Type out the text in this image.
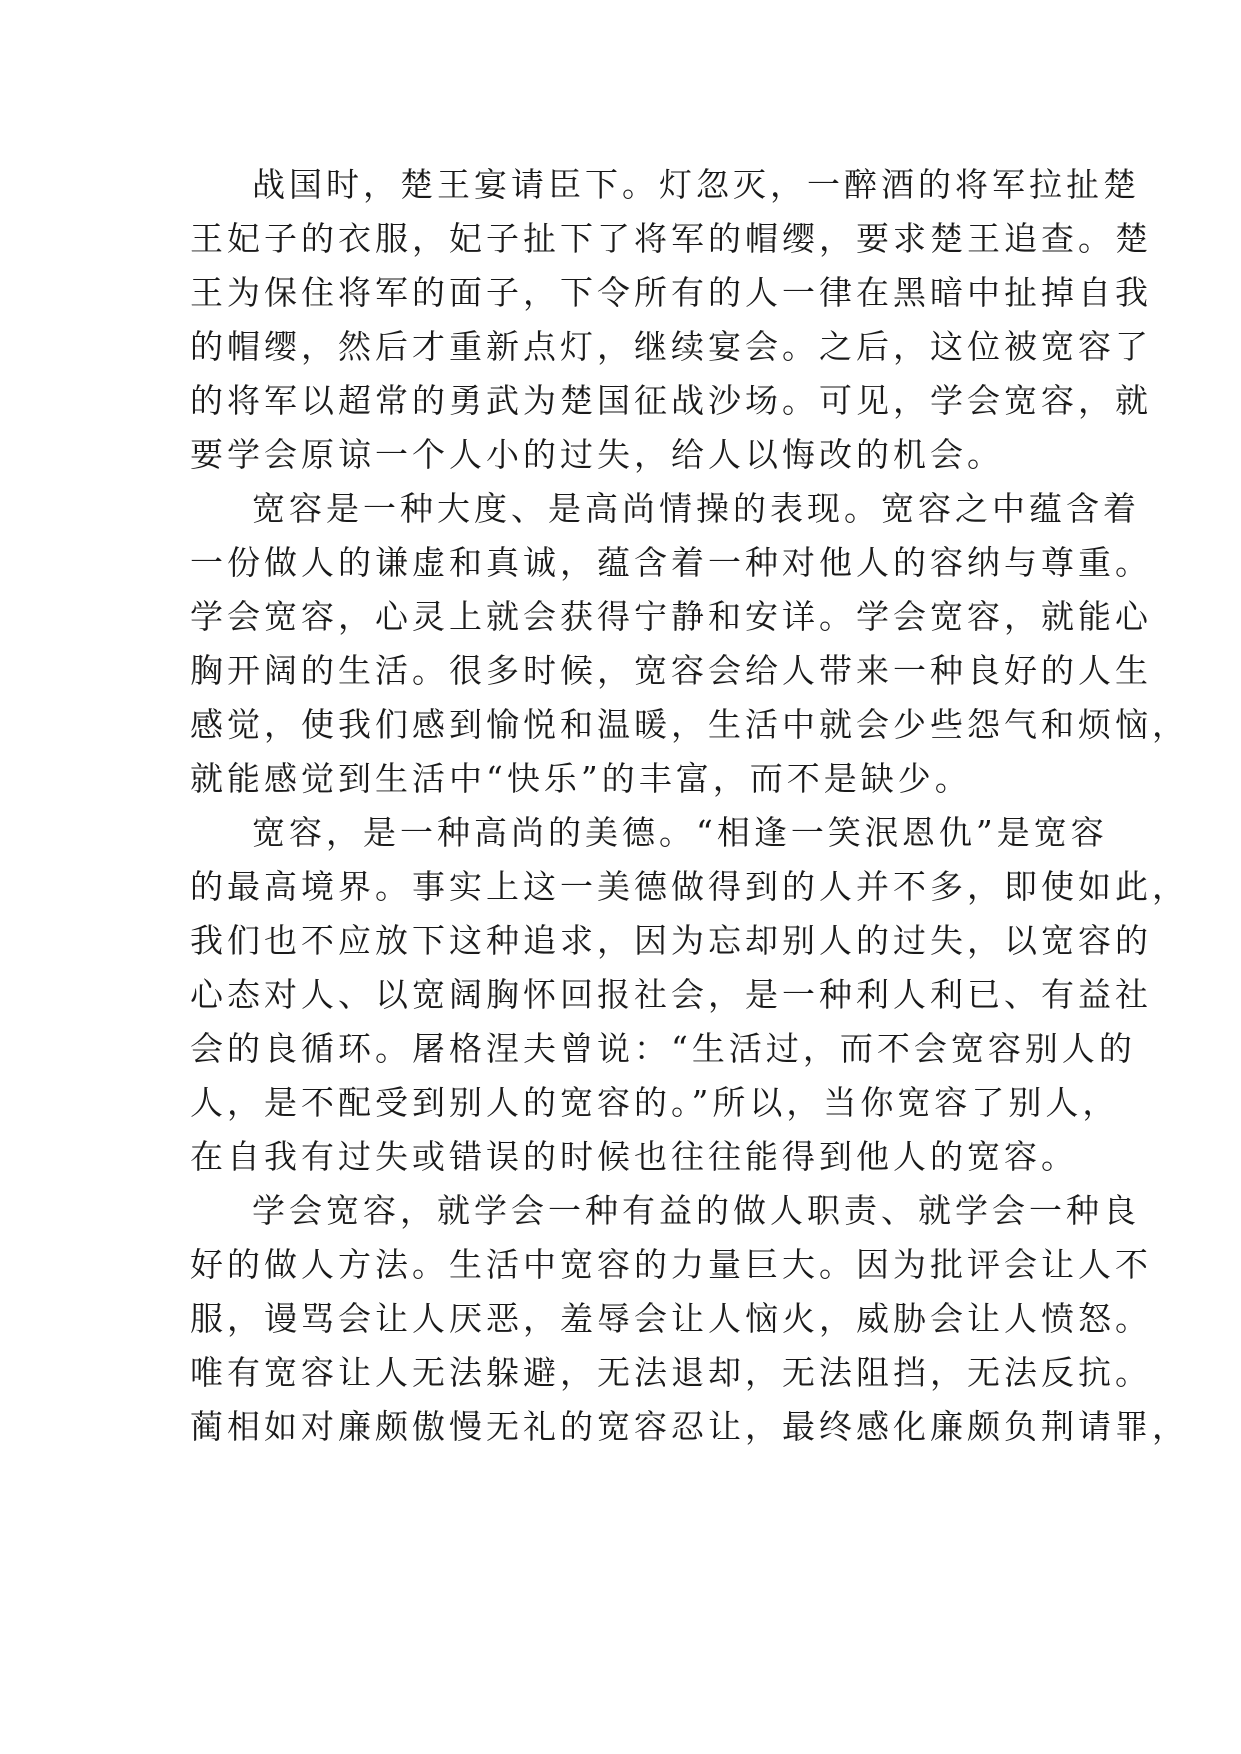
战国时，楚王宴请臣下。灯忽灭，一醉酒的将军拉扯楚
王妃子的衣服，妃子扯下了将军的帽缨，要求楚王追查。楚
王为保住将军的面子，下令所有的人一律在黑暗中扯掉自我
的帽缨，然后才重新点灯，继续宴会。之后，这位被宽容了
的将军以超常的勇武为楚国征战沙场。可见，学会宽容，就
要学会原谅一个人小的过失，给人以悔改的机会。
宽容是一种大度、是高尚情操的表现。宽容之中蕴含着
一份做人的谦虚和真诚，蕴含着一种对他人的容纳与尊重。
学会宽容，心灵上就会获得宁静和安详。学会宽容，就能心
胸开阔的生活。很多时候，宽容会给人带来一种良好的人生
感觉，使我们感到愉悦和温暖，生活中就会少些怨气和烦恼，
就能感觉到生活中“快乐”的丰富，而不是缺少。
宽容，是一种高尚的美德。“相逢一笑泯恩仇”是宽容
的最高境界。事实上这一美德做得到的人并不多，即使如此，
我们也不应放下这种追求，因为忘却别人的过失，以宽容的
心态对人、以宽阔胸怀回报社会，是一种利人利已、有益社
会的良循环。屠格涅夫曾说：“生活过，而不会宽容别人的
人，是不配受到别人的宽容的。”所以，当你宽容了别人，
在自我有过失或错误的时候也往往能得到他人的宽容。
学会宽容，就学会一种有益的做人职责、就学会一种良
好的做人方法。生活中宽容的力量巨大。因为批评会让人不
服，谩骂会让人厌恶，羞辱会让人恼火，威胁会让人愤怒。
唯有宽容让人无法躲避，无法退却，无法阻挡，无法反抗。
蔺相如对廉颇傲慢无礼的宽容忍让，最终感化廉颇负荆请罪，
